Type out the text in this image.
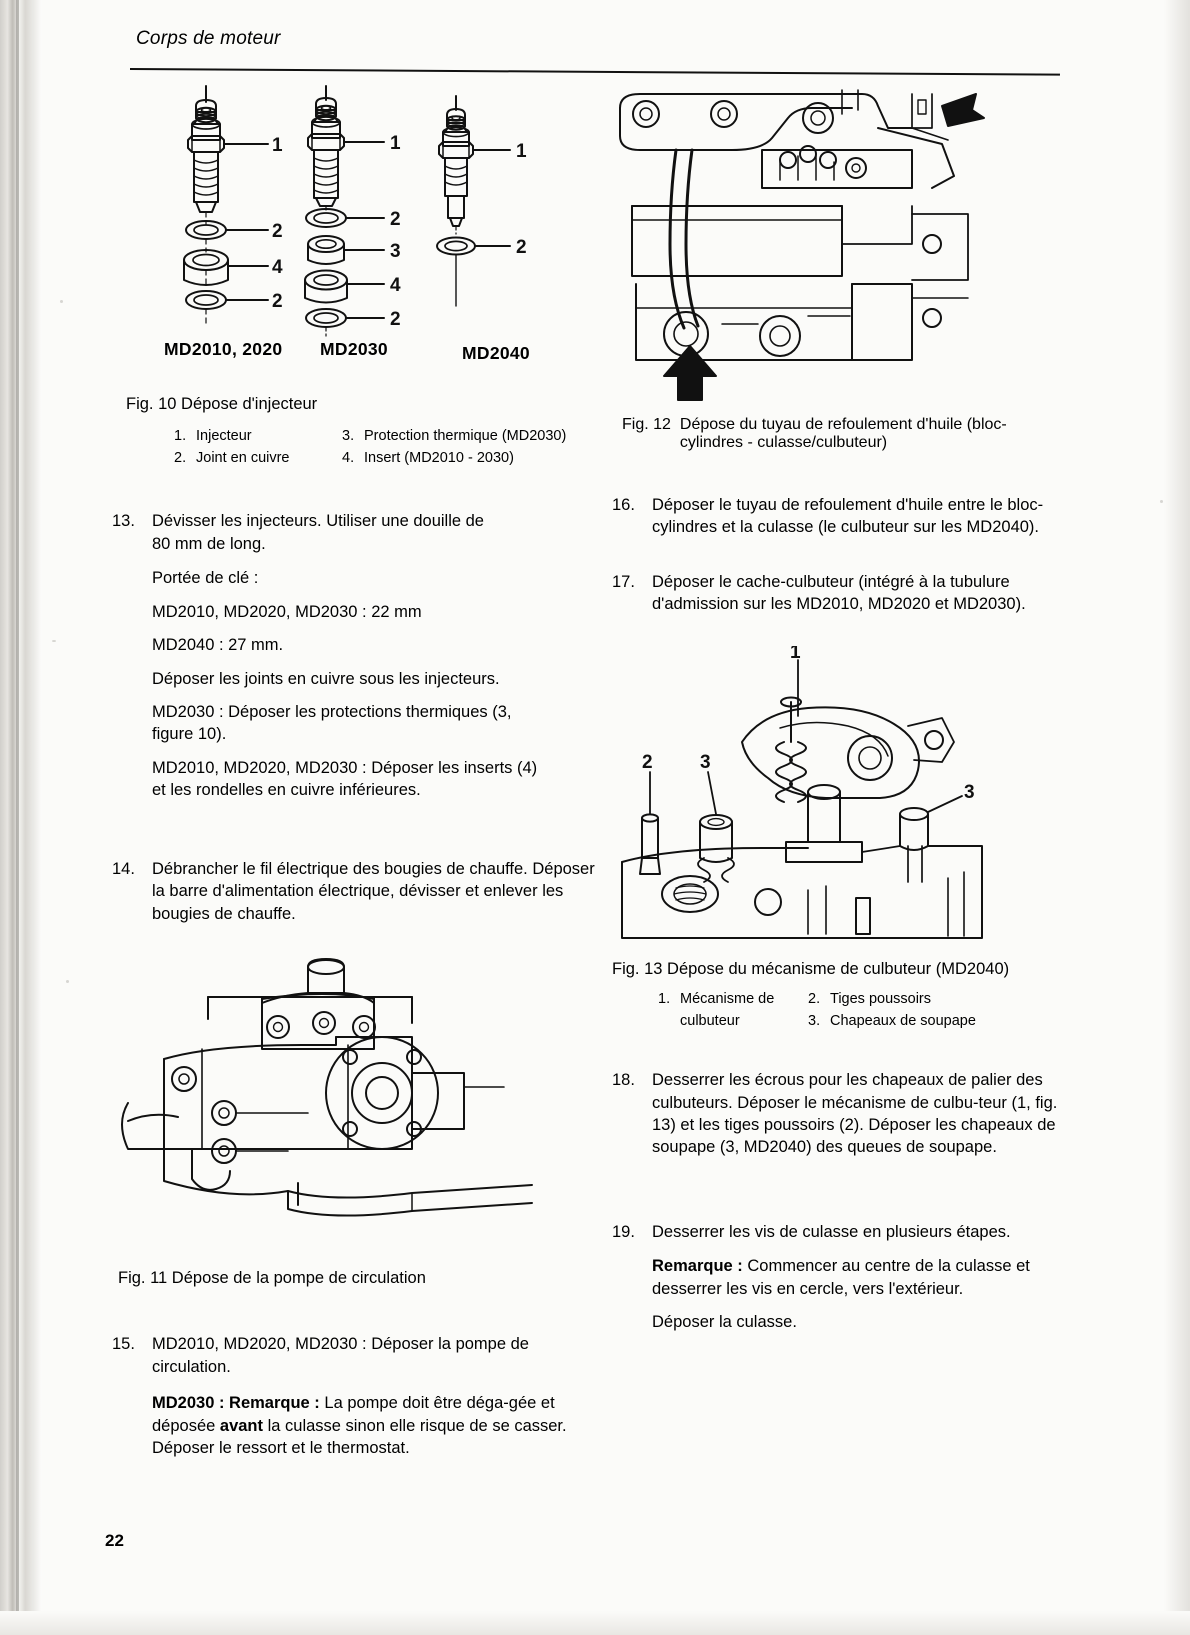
Corps de moteur
1
2
4
2
1
2
3
4
2
1
2
MD2010, 2020 MD2030	MD2040
Fig. 10 Dépose d'injecteur
1. Injecteur
2. Joint en cuivre
3. Protection thermique (MD2030)
4. Insert (MD2010 - 2030)
13.	Dévisser les injecteurs. Utiliser une douille de
80 mm de long.
Portée de clé :
MD2010, MD2020, MD2030 : 22 mm
MD2040 : 27 mm.
Déposer les joints en cuivre sous les injecteurs.
MD2030 : Déposer les protections thermiques (3, figure 10).
MD2010, MD2020, MD2030 : Déposer les inserts (4) et les rondelles en cuivre inférieures.
14.	Débrancher le fil électrique des bougies de chauffe. Déposer la barre d'alimentation électrique, dévisser et enlever les bougies de chauffe.
Fig. 11 Dépose de la pompe de circulation
15.	MD2010, MD2020, MD2030 : Déposer la pompe de circulation.
MD2030 : Remarque : La pompe doit être déga-gée et déposée avant la culasse sinon elle risque de se casser. Déposer le ressort et le thermostat.
Fig. 12 Dépose du tuyau de refoulement d'huile (bloc-
cylindres - culasse/culbuteur)
16.	Déposer le tuyau de refoulement d'huile entre le bloc-cylindres et la culasse (le culbuteur sur les MD2040).
17.	Déposer le cache-culbuteur (intégré à la tubulure d'admission sur les MD2010, MD2020 et MD2030).
1
2 3
3
Fig. 13 Dépose du mécanisme de culbuteur (MD2040)
1. Mécanisme de
culbuteur
2. Tiges poussoirs
3. Chapeaux de soupape
18.	Desserrer les écrous pour les chapeaux de palier des culbuteurs. Déposer le mécanisme de culbu-teur (1, fig. 13) et les tiges poussoirs (2). Déposer les chapeaux de soupape (3, MD2040) des queues de soupape.
19.	Desserrer les vis de culasse en plusieurs étapes.
Remarque : Commencer au centre de la culasse et desserrer les vis en cercle, vers l'extérieur.
Déposer la culasse.
22
